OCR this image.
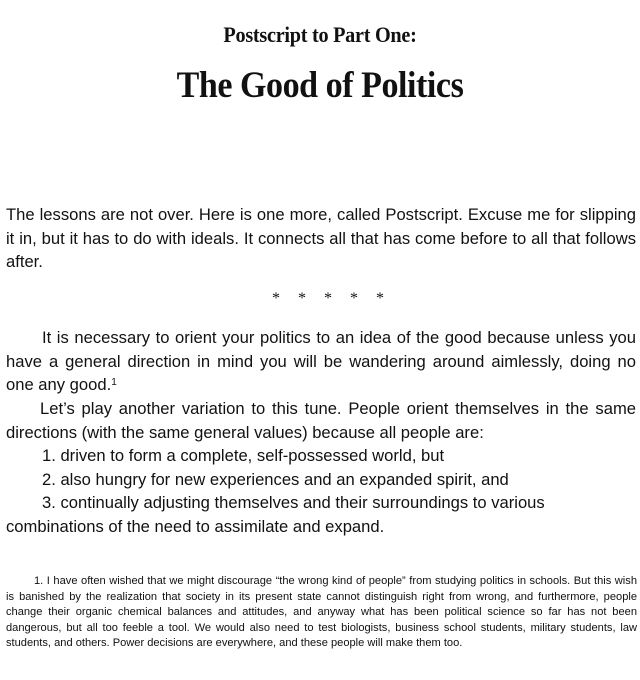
Postscript to Part One:
The Good of Politics

The lessons are not over. Here is one more, called Postscript. Excuse me for slipping it in, but it has to do with ideals. It connects all that has come before to all that follows after.

* * * * *

It is necessary to orient your politics to an idea of the good because unless you have a general direction in mind you will be wandering around aimlessly, doing no one any good.$^1$

Let’s play another variation to this tune. People orient themselves in the same directions (with the same general values) because all people are:

1. driven to form a complete, self-possessed world, but
2. also hungry for new experiences and an expanded spirit, and
3. continually adjusting themselves and their surroundings to various
combinations of the need to assimilate and expand.

1. I have often wished that we might discourage “the wrong kind of people” from studying politics in schools. But this wish is banished by the realization that society in its present state cannot distinguish right from wrong, and furthermore, people change their organic chemical balances and attitudes, and anyway what has been political science so far has not been dangerous, but all too feeble a tool. We would also need to test biologists, business school students, military students, law students, and others. Power decisions are everywhere, and these people will make them too.
